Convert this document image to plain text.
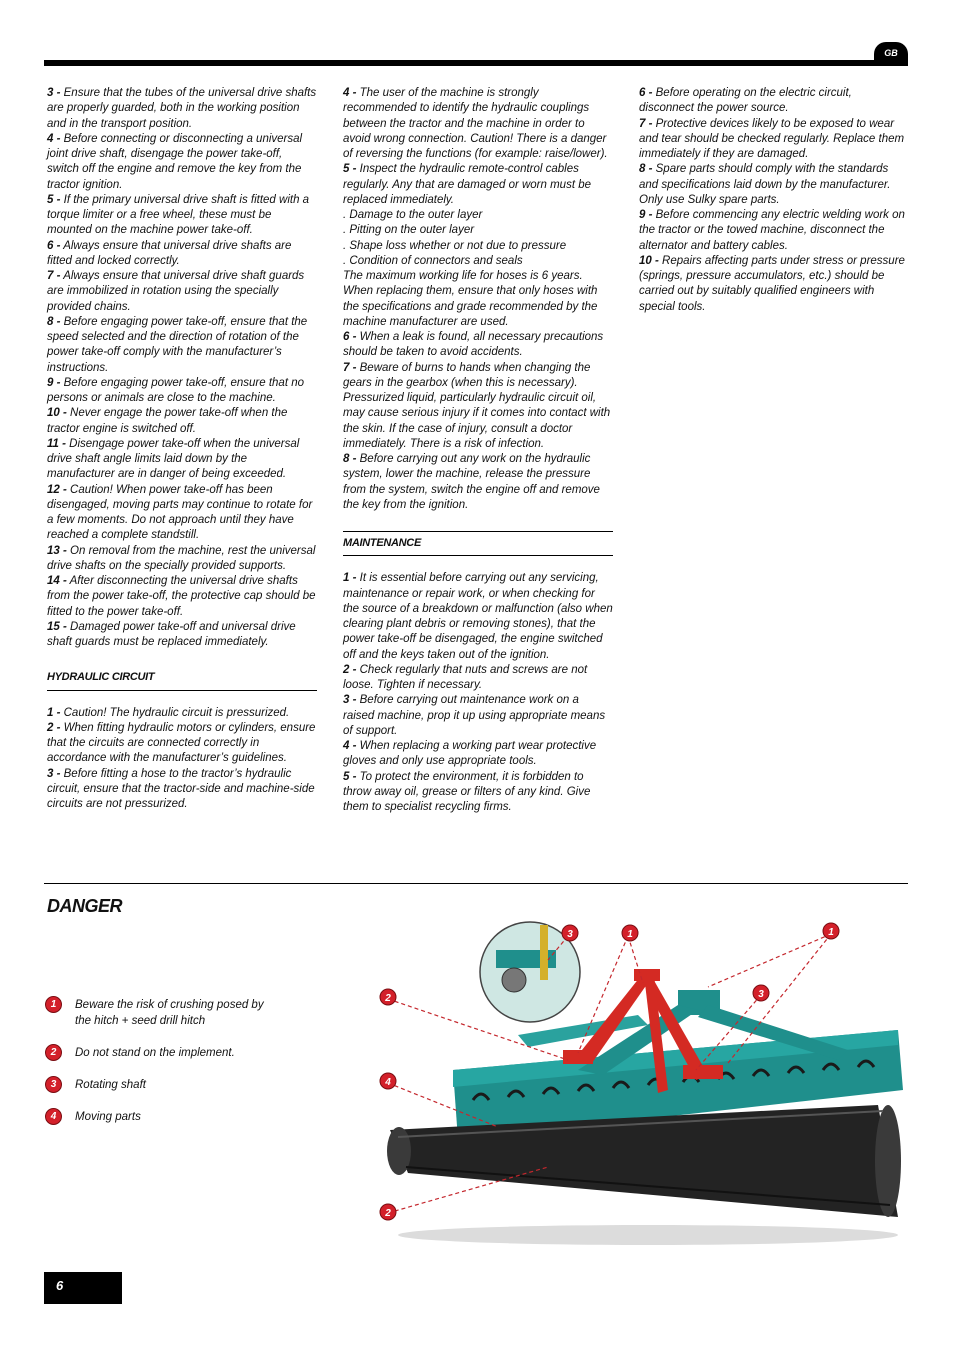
GB

3 - Ensure that the tubes of the universal drive shafts are properly guarded, both in the working position and in the transport position.

4 - Before connecting or disconnecting a universal joint drive shaft, disengage the power take-off, switch off the engine and remove the key from the tractor ignition.

5 - If the primary universal drive shaft is fitted with a torque limiter or a free wheel, these must be mounted on the machine power take-off.

6 - Always ensure that universal drive shafts are fitted and locked correctly.

7 - Always ensure that universal drive shaft guards are immobilized in rotation using the specially provided chains.

8 - Before engaging power take-off, ensure that the speed selected and the direction of rotation of the power take-off comply with the manufacturer’s instructions.

9 - Before engaging power take-off, ensure that no persons or animals are close to the machine.

10 - Never engage the power take-off when the tractor engine is switched off.

11 - Disengage power take-off when the universal drive shaft angle limits laid down by the manufacturer are in danger of being exceeded.

12 - Caution! When power take-off has been disengaged, moving parts may continue to rotate for a few moments. Do not approach until they have reached a complete standstill.

13 - On removal from the machine, rest the universal drive shafts on the specially provided supports.

14 - After disconnecting the universal drive shafts from the power take-off, the protective cap should be fitted to the power take-off.

15 - Damaged power take-off and universal drive shaft guards must be replaced immediately.

HYDRAULIC CIRCUIT

1 - Caution! The hydraulic circuit is pressurized.

2 - When fitting hydraulic motors or cylinders, ensure that the circuits are connected correctly in accordance with the manufacturer’s guidelines.

3 - Before fitting a hose to the tractor’s hydraulic circuit, ensure that the tractor-side and machine-side circuits are not pressurized.

4 - The user of the machine is strongly recommended to identify the hydraulic couplings between the tractor and the machine in order to avoid wrong connection. Caution! There is a danger of reversing the functions (for example: raise/lower).

5 - Inspect the hydraulic remote-control cables regularly. Any that are damaged or worn must be replaced immediately.

. Damage to the outer layer

. Pitting on the outer layer

. Shape loss whether or not due to pressure

. Condition of connectors and seals

The maximum working life for hoses is 6 years. When replacing them, ensure that only hoses with the specifications and grade recommended by the machine manufacturer are used.

6 - When a leak is found, all necessary precautions should be taken to avoid accidents.

7 - Beware of burns to hands when changing the gears in the gearbox (when this is necessary). Pressurized liquid, particularly hydraulic circuit oil, may cause serious injury if it comes into contact with the skin. If the case of injury, consult a doctor immediately. There is a risk of infection.

8 - Before carrying out any work on the hydraulic system, lower the machine, release the pressure from the system, switch the engine off and remove the key from the ignition.

MAINTENANCE

1 - It is essential before carrying out any servicing, maintenance or repair work, or when checking for the source of a breakdown or malfunction (also when clearing plant debris or removing stones), that the power take-off be disengaged, the engine switched off and the keys taken out of the ignition.

2 - Check regularly that nuts and screws are not loose. Tighten if necessary.

3 - Before carrying out maintenance work on a raised machine, prop it up using appropriate means of support.

4 - When replacing a working part wear protective gloves and only use appropriate tools.

5 - To protect the environment, it is forbidden to throw away oil, grease or filters of any kind. Give them to specialist recycling firms.

6 - Before operating on the electric circuit, disconnect the power source.

7 - Protective devices likely to be exposed to wear and tear should be checked regularly. Replace them immediately if they are damaged.

8 - Spare parts should comply with the standards and specifications laid down by the manufacturer. Only use Sulky spare parts.

9 - Before commencing any electric welding work on the tractor or the towed machine, disconnect the alternator and battery cables.

10 - Repairs affecting parts under stress or pressure (springs, pressure accumulators, etc.) should be carried out by suitably qualified engineers with special tools.

DANGER
1	Beware the risk of crushing posed by the hitch + seed drill hitch
2	Do not stand on the implement.
3	Rotating shaft
4	Moving parts
3	1	1
2	3
4
2
6
